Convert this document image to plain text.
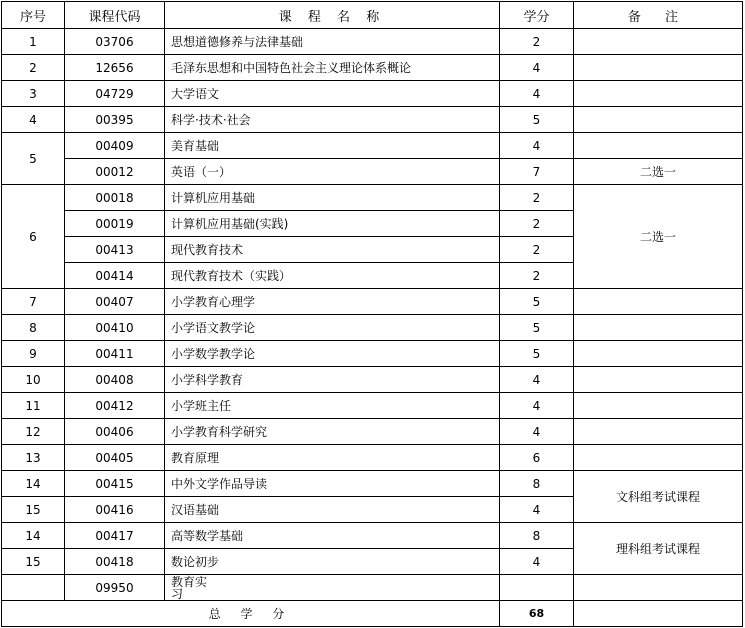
序号	课程代码	课 程 名 称	学分	备 注
1	03706	思想道德修养与法律基础	2	
2	12656	毛泽东思想和中国特色社会主义理论体系概论	4	
3	04729	大学语文	4	
4	00395	科学·技术·社会	5	
5	00409	美育基础	4	
	00012	英语（一）	7	二选一
6	00018	计算机应用基础	2	二选一
	00019	计算机应用基础(实践)	2	
	00413	现代教育技术	2	
	00414	现代教育技术（实践）	2	
7	00407	小学教育心理学	5	
8	00410	小学语文教学论	5	
9	00411	小学数学教学论	5	
10	00408	小学科学教育	4	
11	00412	小学班主任	4	
12	00406	小学教育科学研究	4	
13	00405	教育原理	6	
14	00415	中外文学作品导读	8	文科组考试课程
15	00416	汉语基础	4	
14	00417	高等数学基础	8	理科组考试课程
15	00418	数论初步	4	
	09950	教育实习		

总 学 分			68	
